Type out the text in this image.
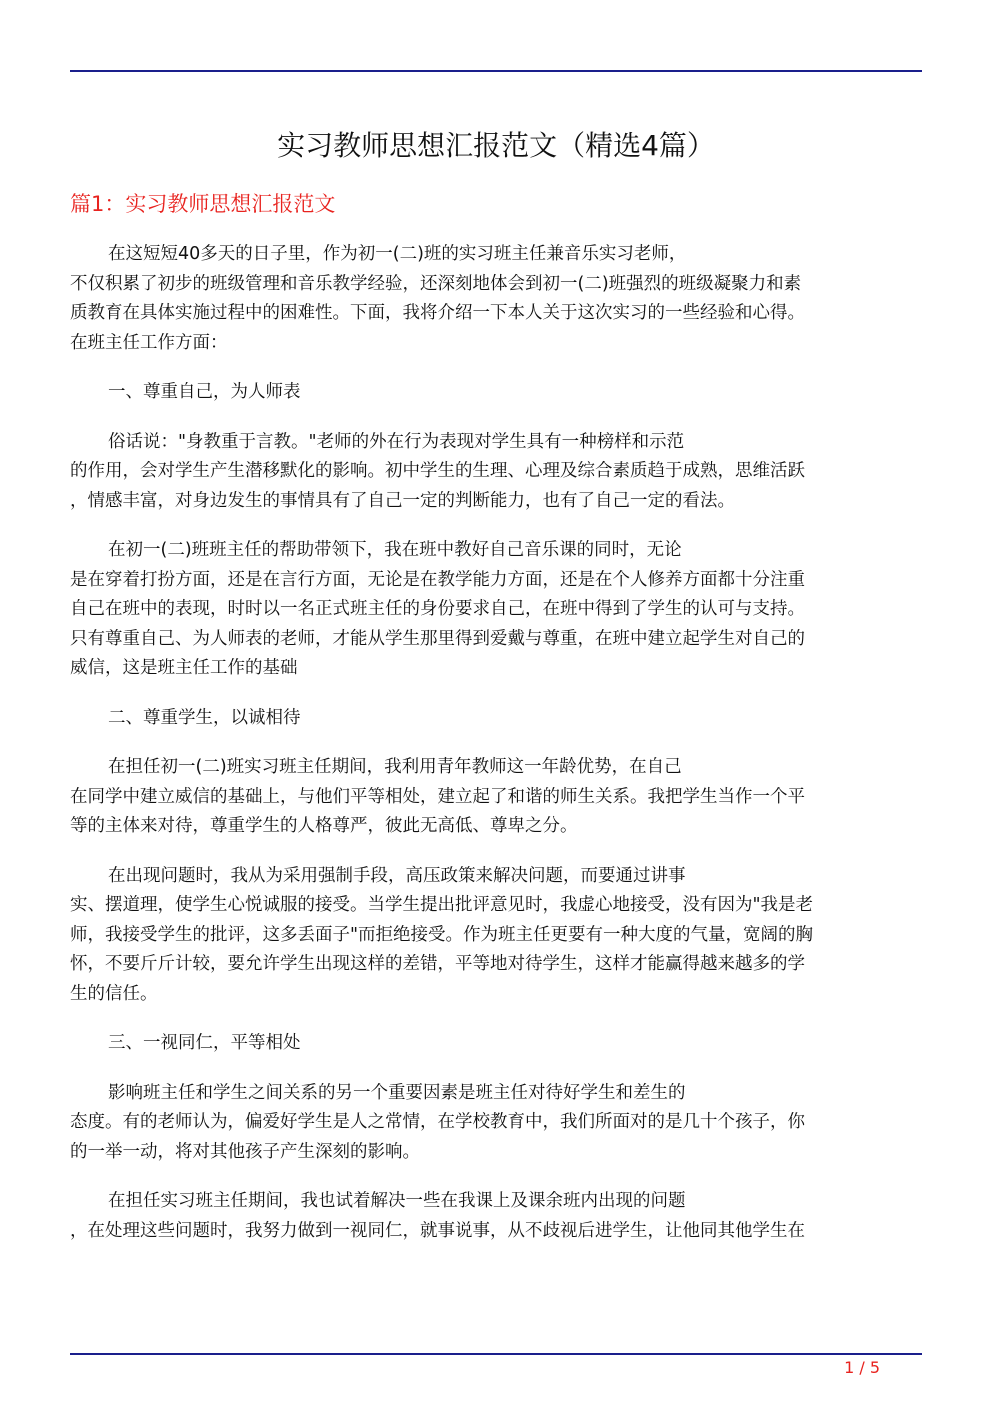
实习教师思想汇报范文（精选4篇）
篇1：实习教师思想汇报范文
在这短短40多天的日子里，作为初一(二)班的实习班主任兼音乐实习老师，
不仅积累了初步的班级管理和音乐教学经验，还深刻地体会到初一(二)班强烈的班级凝聚力和素
质教育在具体实施过程中的困难性。下面，我将介绍一下本人关于这次实习的一些经验和心得。
在班主任工作方面：
一、尊重自己，为人师表
俗话说："身教重于言教。"老师的外在行为表现对学生具有一种榜样和示范
的作用，会对学生产生潜移默化的影响。初中学生的生理、心理及综合素质趋于成熟，思维活跃
，情感丰富，对身边发生的事情具有了自己一定的判断能力，也有了自己一定的看法。
在初一(二)班班主任的帮助带领下，我在班中教好自己音乐课的同时，无论
是在穿着打扮方面，还是在言行方面，无论是在教学能力方面，还是在个人修养方面都十分注重
自己在班中的表现，时时以一名正式班主任的身份要求自己，在班中得到了学生的认可与支持。
只有尊重自己、为人师表的老师，才能从学生那里得到爱戴与尊重，在班中建立起学生对自己的
威信，这是班主任工作的基础
二、尊重学生，以诚相待
在担任初一(二)班实习班主任期间，我利用青年教师这一年龄优势，在自己
在同学中建立威信的基础上，与他们平等相处，建立起了和谐的师生关系。我把学生当作一个平
等的主体来对待，尊重学生的人格尊严，彼此无高低、尊卑之分。
在出现问题时，我从为采用强制手段，高压政策来解决问题，而要通过讲事
实、摆道理，使学生心悦诚服的接受。当学生提出批评意见时，我虚心地接受，没有因为"我是老
师，我接受学生的批评，这多丢面子"而拒绝接受。作为班主任更要有一种大度的气量，宽阔的胸
怀，不要斤斤计较，要允许学生出现这样的差错，平等地对待学生，这样才能赢得越来越多的学
生的信任。
三、一视同仁，平等相处
影响班主任和学生之间关系的另一个重要因素是班主任对待好学生和差生的
态度。有的老师认为，偏爱好学生是人之常情，在学校教育中，我们所面对的是几十个孩子，你
的一举一动，将对其他孩子产生深刻的影响。
在担任实习班主任期间，我也试着解决一些在我课上及课余班内出现的问题
，在处理这些问题时，我努力做到一视同仁，就事说事，从不歧视后进学生，让他同其他学生在
1 / 5
